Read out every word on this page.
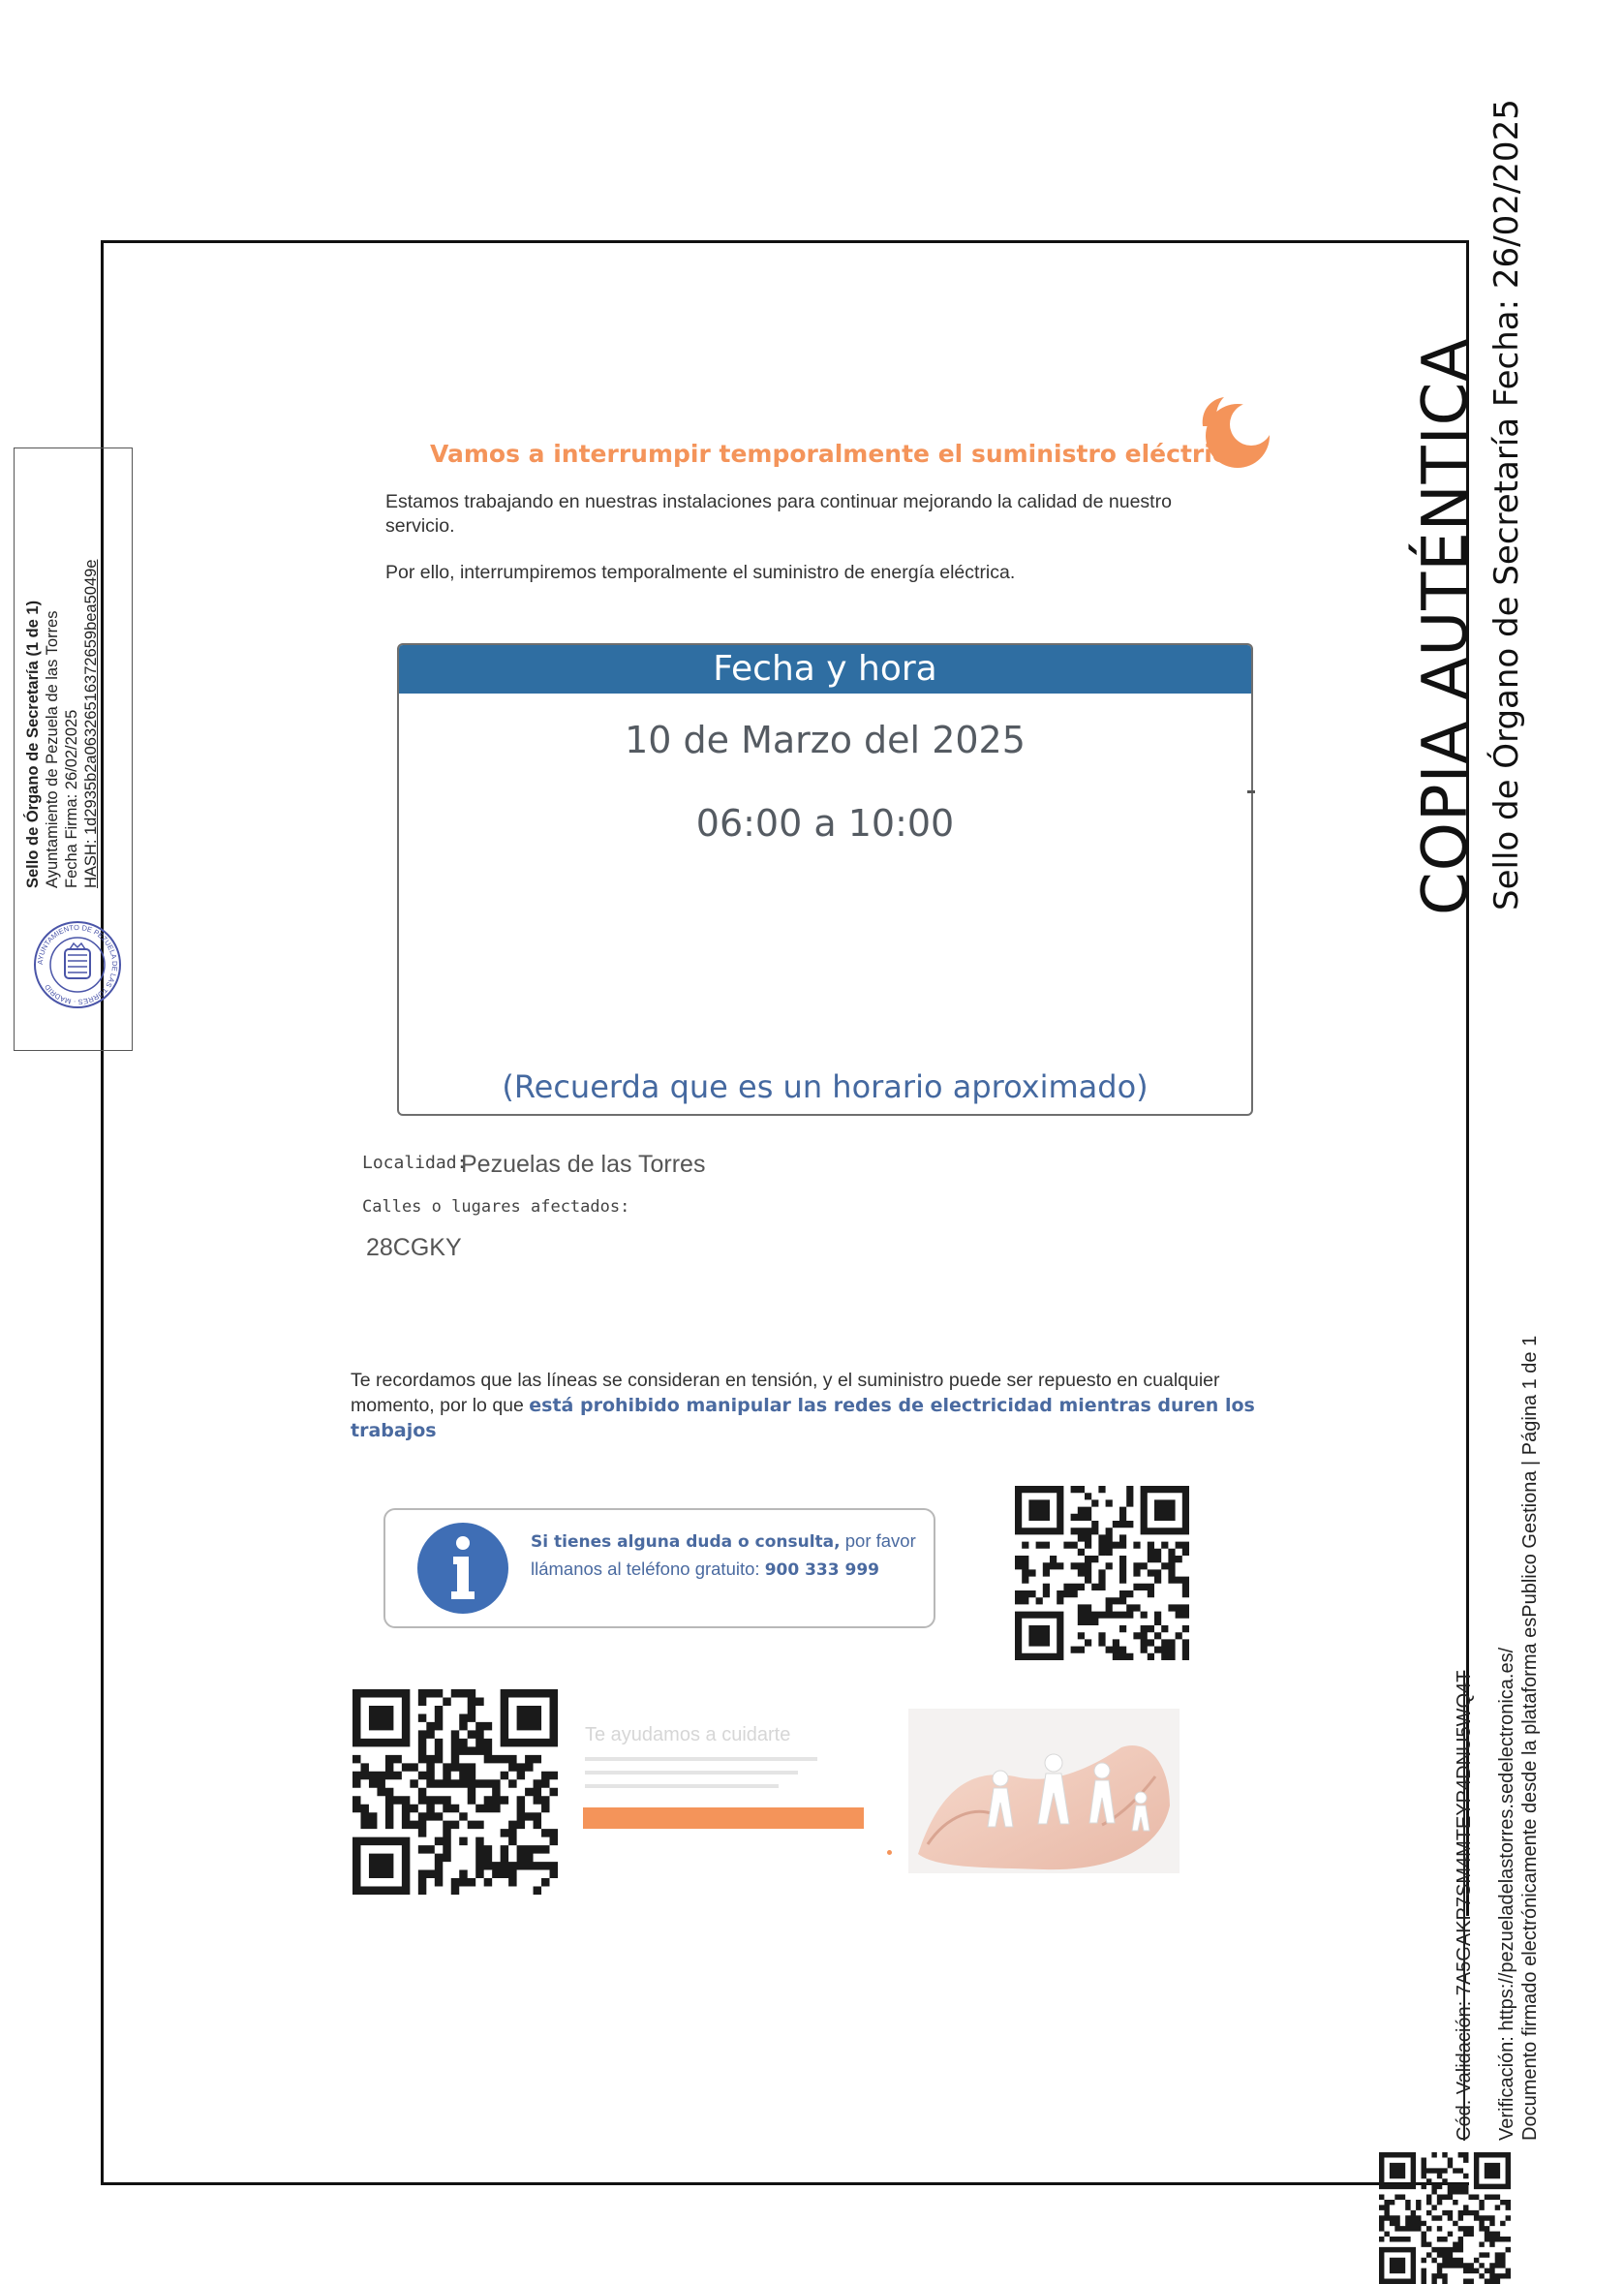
Sello de Órgano de Secretaría (1 de 1) Ayuntamiento de Pezuela de las Torres Fecha Firma: 26/02/2025 HASH: 1d2935b2a06326516372659bea5049e
AYUNTAMIENTO DE PEZUELA DE LAS TORRES · MADRID
COPIA AUTÉNTICA Sello de Órgano de Secretaría Fecha: 26/02/2025
Cód. Validación: 7A5GAKP7SM4MTEYP4DNU5WQ4T Verificación: https://pezueladelastorres.sedelectronica.es/ Documento firmado electrónicamente desde la plataforma esPublico Gestiona | Página 1 de 1
Vamos a interrumpir temporalmente el suministro eléctrico
Estamos trabajando en nuestras instalaciones para continuar mejorando la calidad de nuestro servicio.
Por ello, interrumpiremos temporalmente el suministro de energía eléctrica.
Fecha y hora
10 de Marzo del 2025
06:00 a 10:00
(Recuerda que es un horario aproximado)
Localidad:
Pezuelas de las Torres
Calles o lugares afectados:
28CGKY
Te recordamos que las líneas se consideran en tensión, y el suministro puede ser repuesto en cualquier momento, por lo que está prohibido manipular las redes de electricidad mientras duren los trabajos
Si tienes alguna duda o consulta, por favor llámanos al teléfono gratuito: 900 333 999
Te ayudamos a cuidarte
